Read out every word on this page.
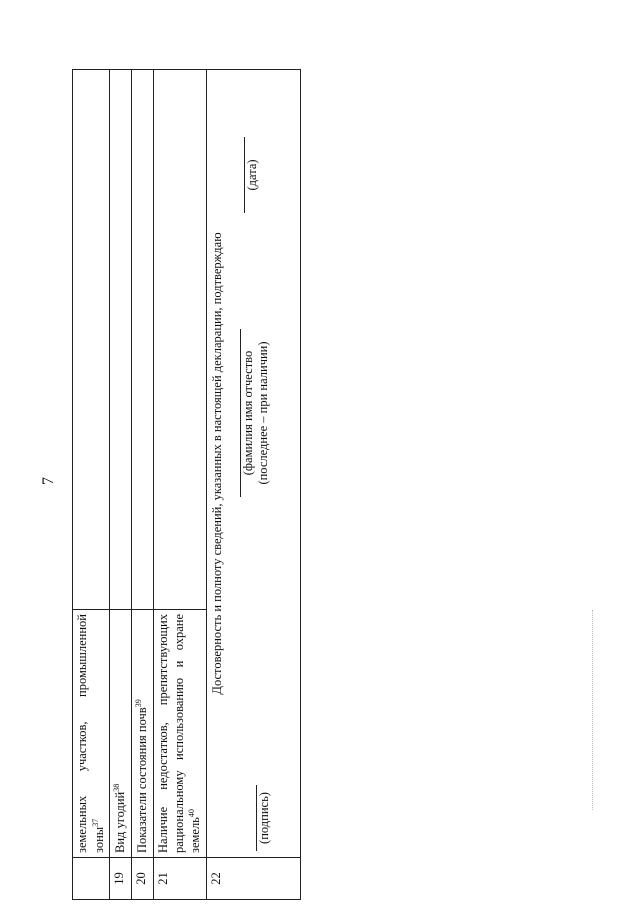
7

	земельных участков, промышленной зоны$^{37}$

19	Вид угодий$^{38}$	
20	Показатели состояния почв$^{39}$	
21	Наличие недостатков, препятствующих рациональному использованию и охране земель$^{40}$

22	Достоверность и полноту сведений, указанных в настоящей декларации, подтверждаю
(подпись)
(фамилия имя отчество (последнее – при наличии)
(дата)	
